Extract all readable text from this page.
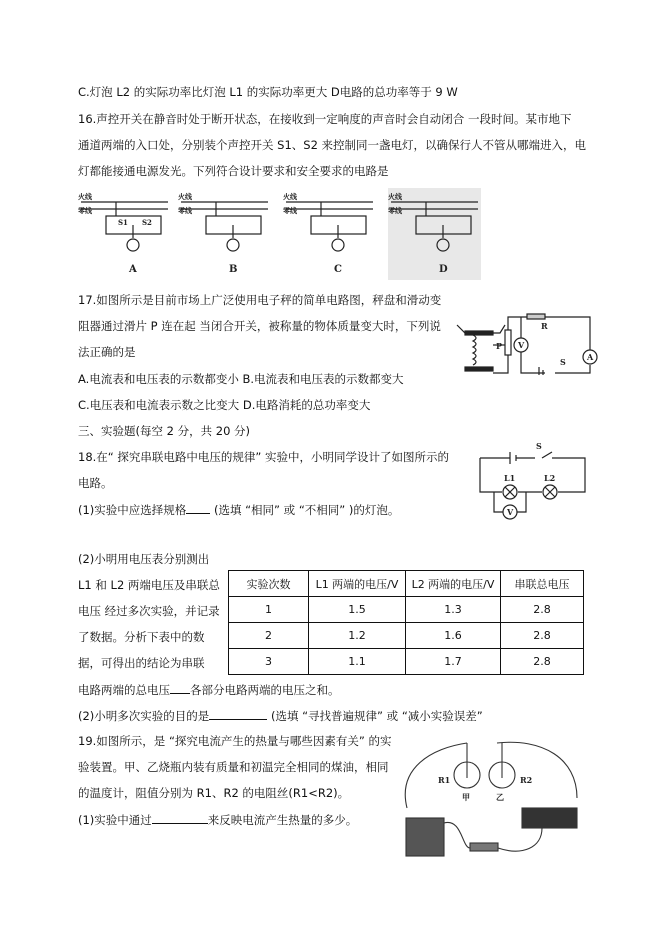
C.灯泡 L2 的实际功率比灯泡 L1 的实际功率更大 D电路的总功率等于 9 W
16.声控开关在静音时处于断开状态，在接收到一定响度的声音时会自动闭合 一段时间。某市地下
通道两端的入口处，分别装个声控开关 S1、S2 来控制同一盏电灯，以确保行人不管从哪端进入，电
灯都能接通电源发光。下列符合设计要求和安全要求的电路是
火线
零线
火线
零线
火线
零线
火线
零线
S1 S2
A	B	C	D
17.如图所示是目前市场上广泛使用电子秤的简单电路图，秤盘和滑动变
阻器通过滑片 P 连在起 当闭合开关，被称量的物体质量变大时，下列说
法正确的是
A.电流表和电压表的示数都变小 B.电流表和电压表的示数都变大
C.电压表和电流表示数之比变大 D.电路消耗的总功率变大
P V
R
A
S
三、实验题(每空 2 分，共 20 分)
18.在“ 探究串联电路中电压的规律” 实验中，小明同学设计了如图所示的
电路。
(1)实验中应选择规格 (选填 “相同” 或 “不相同” )的灯泡。
S
L1	L2
V
(2)小明用电压表分别测出
L1 和 L2 两端电压及串联总
电压 经过多次实验，并记录
了数据。分析下表中的数
据，可得出的结论为串联
实验次数	L1 两端的电压/V	L2 两端的电压/V	串联总电压
1	1.5	1.3	2.8
2	1.2	1.6	2.8
3	1.1	1.7	2.8
电路两端的总电压 各部分电路两端的电压之和。
(2)小明多次实验的目的是	(选填 “寻找普遍规律” 或 “减小实验误差”
19.如图所示，是 “探究电流产生的热量与哪些因素有关” 的实
验装置。甲、乙烧瓶内装有质量和初温完全相同的煤油，相同
的温度计，阻值分别为 R1、R2 的电阻丝(R1<R2)。
(1)实验中通过	来反映电流产生热量的多少。
R1	R2
甲	乙
